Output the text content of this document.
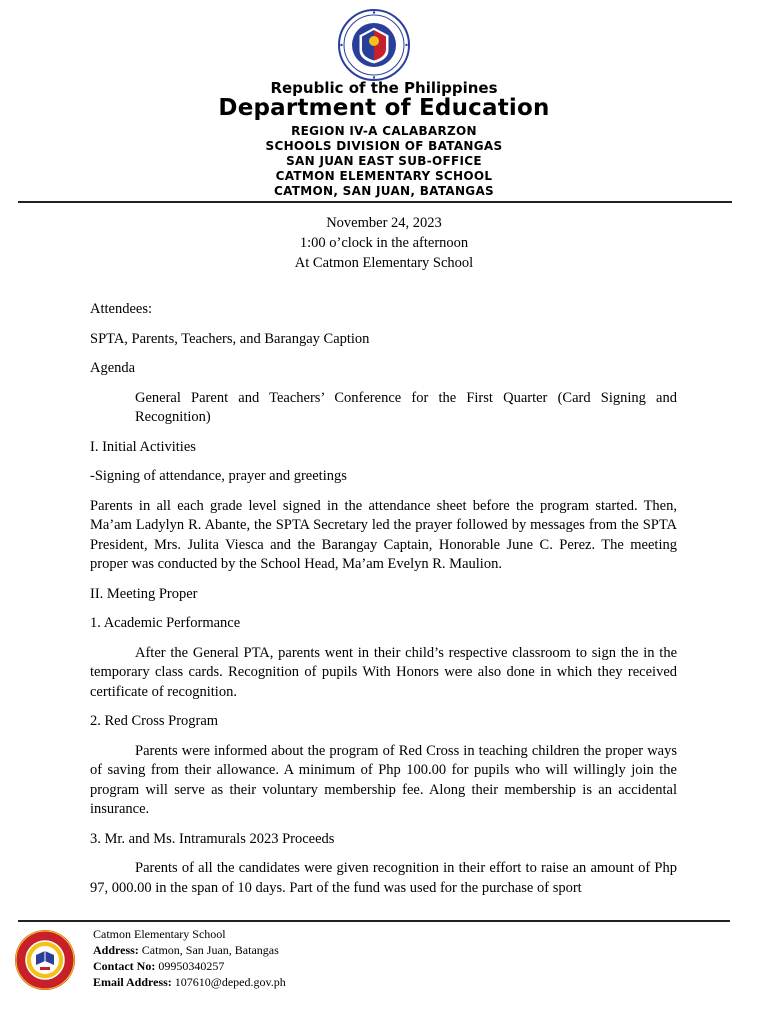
Republic of the Philippines
Department of Education
REGION IV-A CALABARZON
SCHOOLS DIVISION OF BATANGAS
SAN JUAN EAST SUB-OFFICE
CATMON ELEMENTARY SCHOOL
CATMON, SAN JUAN, BATANGAS
November 24, 2023
1:00 o’clock in the afternoon
At Catmon Elementary School

Attendees:

SPTA, Parents, Teachers, and Barangay Caption

Agenda

General Parent and Teachers’ Conference for the First Quarter (Card Signing and Recognition)

I. Initial Activities

-Signing of attendance, prayer and greetings

Parents in all each grade level signed in the attendance sheet before the program started. Then, Ma’am Ladylyn R. Abante, the SPTA Secretary led the prayer followed by messages from the SPTA President, Mrs. Julita Viesca and the Barangay Captain, Honorable June C. Perez. The meeting proper was conducted by the School Head, Ma’am Evelyn R. Maulion.

II. Meeting Proper

1. Academic Performance

After the General PTA, parents went in their child’s respective classroom to sign the in the temporary class cards. Recognition of pupils With Honors were also done in which they received certificate of recognition.

2. Red Cross Program

Parents were informed about the program of Red Cross in teaching children the proper ways of saving from their allowance. A minimum of Php 100.00 for pupils who will willingly join the program will serve as their voluntary membership fee. Along their membership is an accidental insurance.

3. Mr. and Ms. Intramurals 2023 Proceeds

Parents of all the candidates were given recognition in their effort to raise an amount of Php 97, 000.00 in the span of 10 days. Part of the fund was used for the purchase of sport

Catmon Elementary School
Address: Catmon, San Juan, Batangas
Contact No: 09950340257
Email Address: 107610@deped.gov.ph
